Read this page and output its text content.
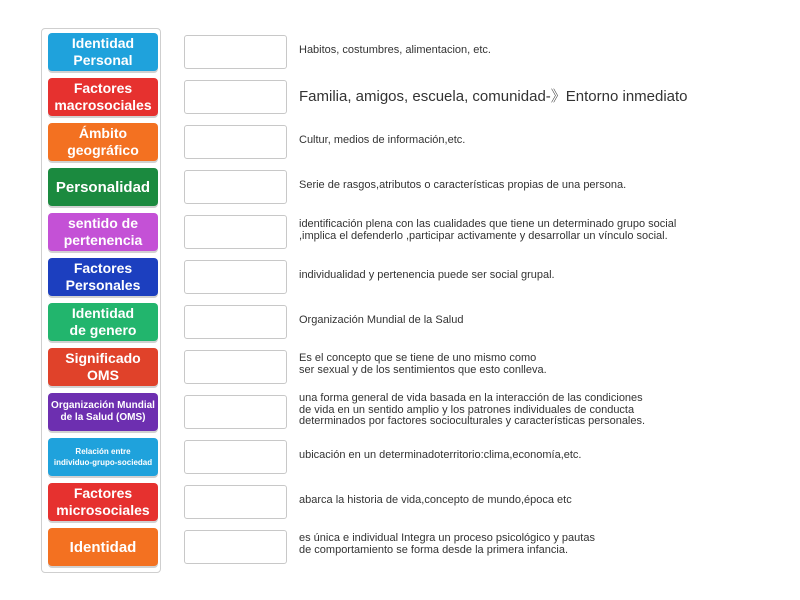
Identidad
Personal
Factores
macrosociales
Ámbito
geográfico
Personalidad
sentido de
pertenencia
Factores
Personales
Identidad
de genero
Significado
OMS
Organización Mundial
de la Salud (OMS)
Relación entre
individuo-grupo-sociedad
Factores
microsociales
Identidad
Habitos, costumbres, alimentacion, etc.
Familia, amigos, escuela, comunidad-》Entorno inmediato
Cultur, medios de información,etc.
Serie de rasgos,atributos o características propias de una persona.
identificación plena con las cualidades que tiene un determinado grupo social
,implica el defenderlo ,participar activamente y desarrollar un vínculo social.
individualidad y pertenencia puede ser social grupal.
Organización Mundial de la Salud
Es el concepto que se tiene de uno mismo como
ser sexual y de los sentimientos que esto conlleva.
una forma general de vida basada en la interacción de las condiciones
de vida en un sentido amplio y los patrones individuales de conducta
determinados por factores socioculturales y características personales.
ubicación en un determinadoterritorio:clima,economía,etc.
abarca la historia de vida,concepto de mundo,época etc
es única e individual Integra un proceso psicológico y pautas
de comportamiento se forma desde la primera infancia.
